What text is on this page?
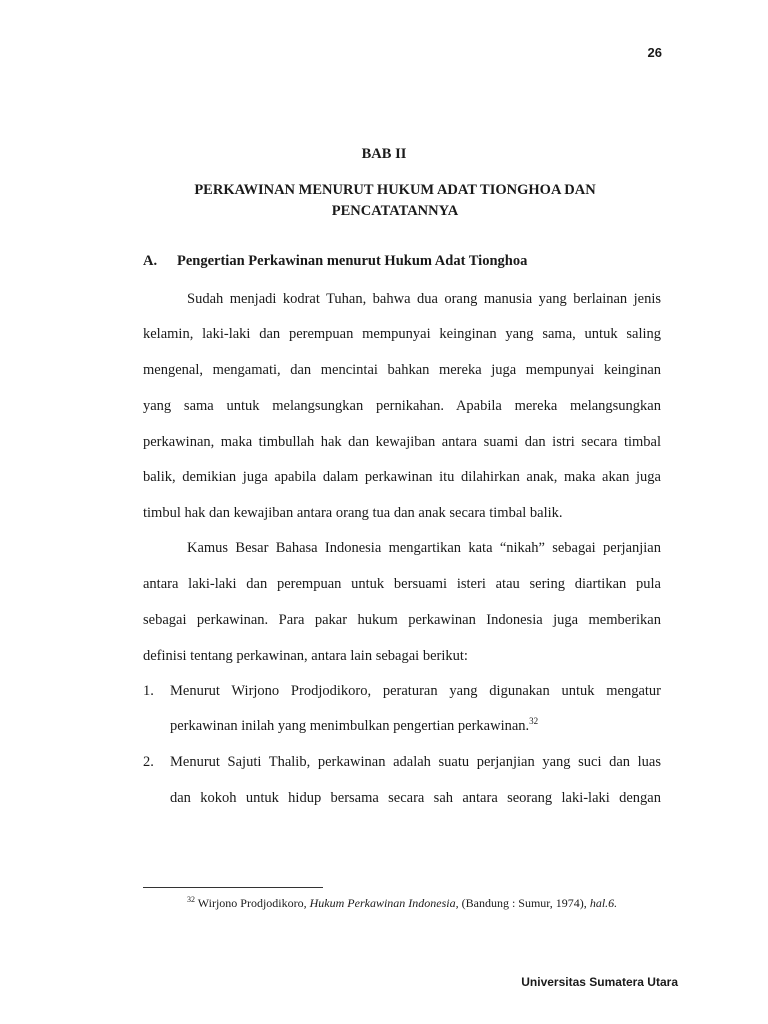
26
BAB II
PERKAWINAN MENURUT HUKUM ADAT TIONGHOA DAN
PENCATATANNYA
A. Pengertian Perkawinan menurut Hukum Adat Tionghoa
Sudah menjadi kodrat Tuhan, bahwa dua orang manusia yang berlainan jenis
kelamin, laki-laki dan perempuan mempunyai keinginan yang sama, untuk saling
mengenal, mengamati, dan mencintai bahkan mereka juga mempunyai keinginan
yang sama untuk melangsungkan pernikahan. Apabila mereka melangsungkan
perkawinan, maka timbullah hak dan kewajiban antara suami dan istri secara timbal
balik, demikian juga apabila dalam perkawinan itu dilahirkan anak, maka akan juga
timbul hak dan kewajiban antara orang tua dan anak secara timbal balik.
Kamus Besar Bahasa Indonesia mengartikan kata “nikah” sebagai perjanjian
antara laki-laki dan perempuan untuk bersuami isteri atau sering diartikan pula
sebagai perkawinan. Para pakar hukum perkawinan Indonesia juga memberikan
definisi tentang perkawinan, antara lain sebagai berikut:
1. Menurut Wirjono Prodjodikoro, peraturan yang digunakan untuk mengatur
perkawinan inilah yang menimbulkan pengertian perkawinan.$^{32}$
2. Menurut Sajuti Thalib, perkawinan adalah suatu perjanjian yang suci dan luas
dan kokoh untuk hidup bersama secara sah antara seorang laki-laki dengan
$^{32}$ Wirjono Prodjodikoro, Hukum Perkawinan Indonesia, (Bandung : Sumur, 1974), hal.6.
Universitas Sumatera Utara
